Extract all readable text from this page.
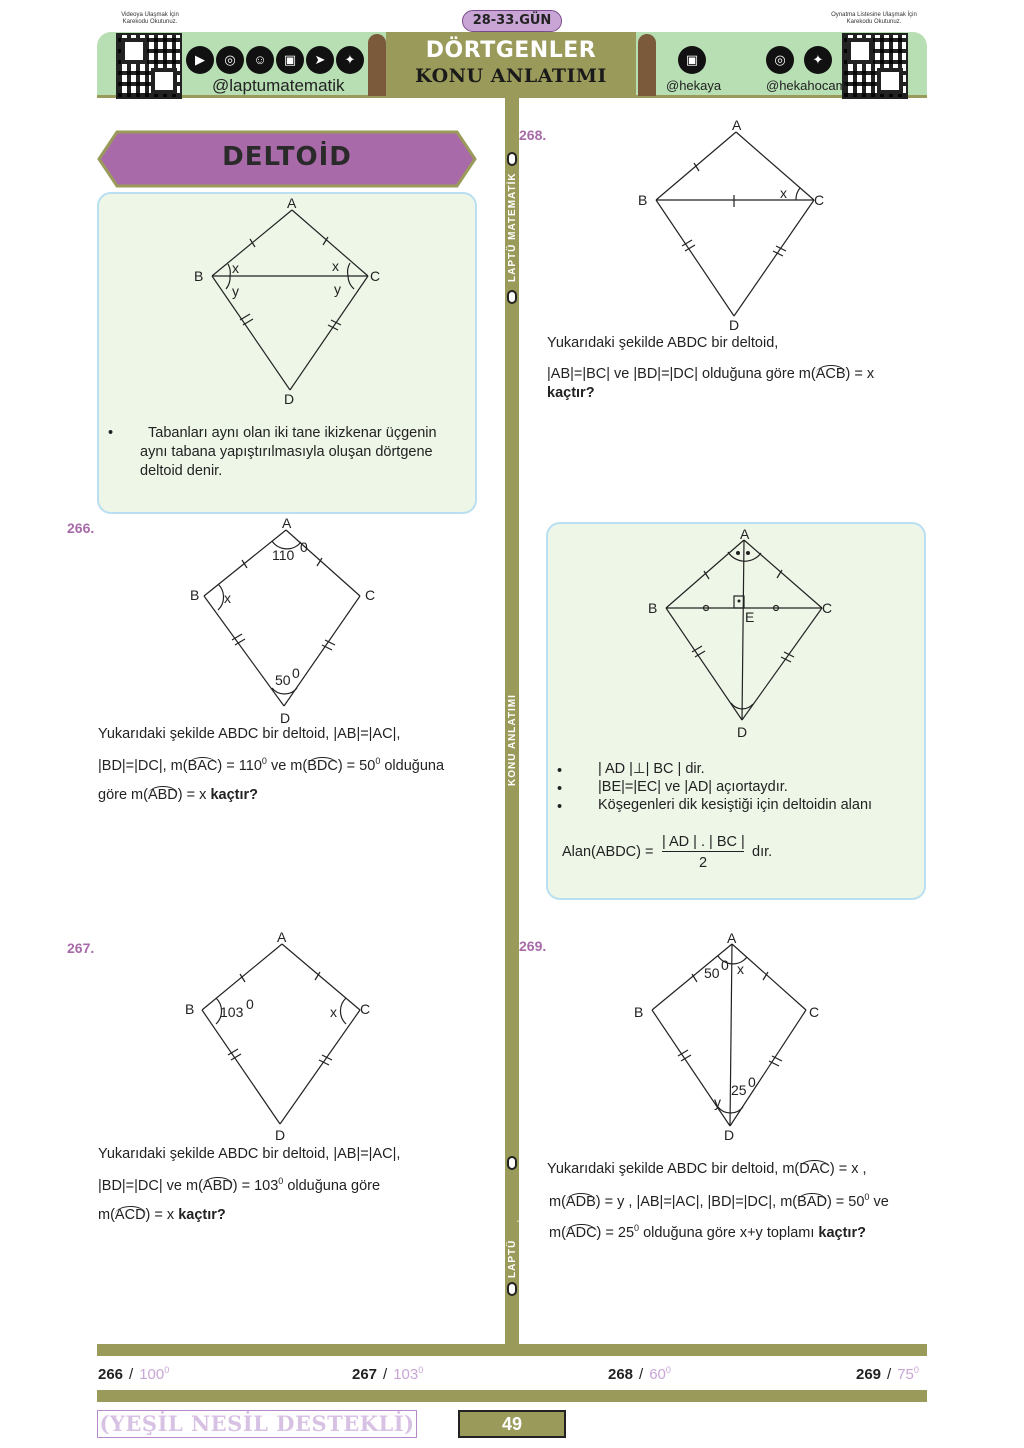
Videoya Ulaşmak İçin Karekodu Okutunuz.
Oynatma Listesine Ulaşmak İçin Karekodu Okutunuz.
28-33.GÜN
▶	◎	☺	▣	➤	✦
@laptumatematik
DÖRTGENLER
KONU ANLATIMI
▣
@hekaya
◎	✦
@hekahocam
LAPTÜ MATEMATİK
KONU ANLATIMI
LAPTÜ REHBERLİK
DELTOİD
A
B	C
D
x
y
x
y
•	Tabanları aynı olan iki tane ikizkenar üçgenin aynı tabana yapıştırılmasıyla oluşan dörtgene deltoid denir.
266.	A
B	C
D
x
110 0
50 0
Yukarıdaki şekilde ABDC bir deltoid, |AB|=|AC|,
|BD|=|DC|, $m(BAC) = 110^0$ ve $m(BDC) = 50^0$ olduğuna
göre m(ABD) = x kaçtır?
267.
A
B	C
D
103 0	x
Yukarıdaki şekilde ABDC bir deltoid, |AB|=|AC|,
|BD|=|DC| ve $m(ABD) = 103^0$ olduğuna göre
m(ACD) = x kaçtır?
268.
A
B	C
D
x
Yukarıdaki şekilde ABDC bir deltoid,
|AB|=|BC| ve |BD|=|DC| olduğuna göre m(ACB) = x
kaçtır?
A
B	C
D
E
• | AD |⊥| BC | dir.
• |BE|=|EC| ve |AD| açıortaydır.
• Köşegenleri dik kesiştiği için deltoidin alanı
Alan(ABDC) =
| AD | . | BC |
2
dır.
269.	A
B	C
D
50 0 x
25 0
y
Yukarıdaki şekilde ABDC bir deltoid, m(DAC) = x ,
m(ADB) = y , |AB|=|AC|, |BD|=|DC|, $m(BAD) = 50^0$ ve
$m(ADC) = 25^0$ olduğuna göre x+y toplamı kaçtır?
$266 / 100^0$	$267 / 103^0$	$268 / 60^0$	$269 / 75^0$
(YEŞİL NESİL DESTEKLİ)	49
